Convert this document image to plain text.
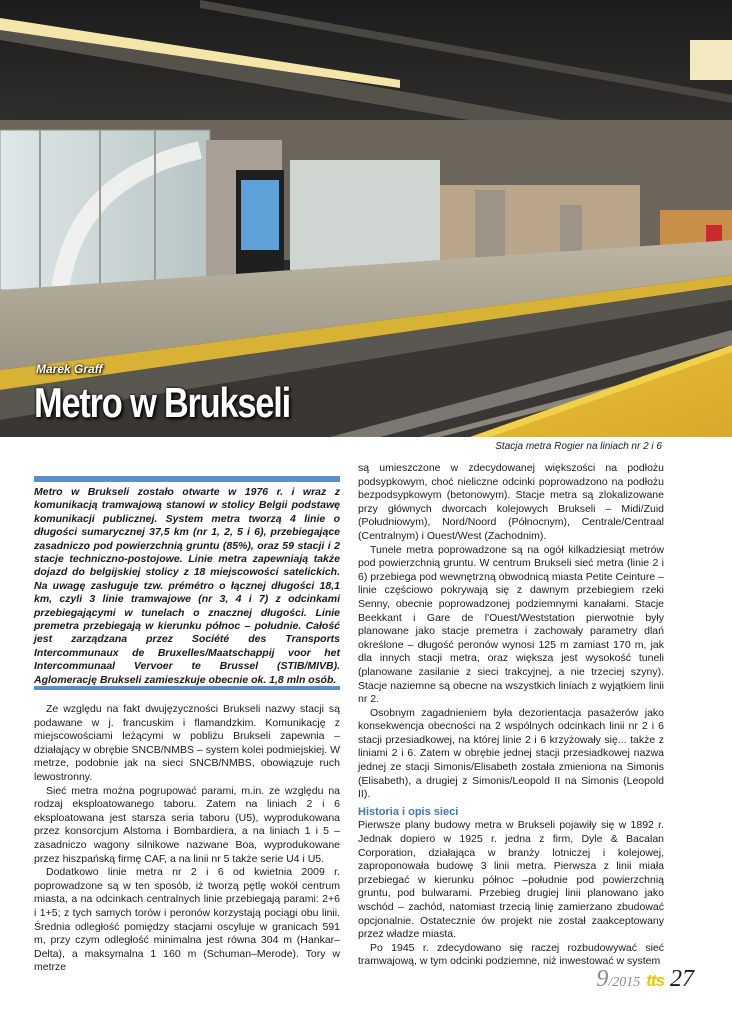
Marek Graff
Metro w Brukseli
Stacja metra Rogier na liniach nr 2 i 6
Metro w Brukseli zostało otwarte w 1976 r. i wraz z komunikacją tramwajową stanowi w stolicy Belgii podstawę komunikacji publicznej. System metra tworzą 4 linie o długości sumarycznej 37,5 km (nr 1, 2, 5 i 6), przebiegające zasadniczo pod powierzchnią gruntu (85%), oraz 59 stacji i 2 stacje techniczno-postojowe. Linie metra zapewniają także dojazd do belgijskiej stolicy z 18 miejscowości satelickich. Na uwagę zasługuje tzw. prémétro o łącznej długości 18,1 km, czyli 3 linie tramwajowe (nr 3, 4 i 7) z odcinkami przebiegającymi w tunelach o znacznej długości. Linie premetra przebiegają w kierunku północ – południe. Całość jest zarządzana przez Société des Transports Intercommunaux de Bruxelles/Maatschappij voor het Intercommunaal Vervoer te Brussel (STIB/MIVB). Aglomerację Brukseli zamieszkuje obecnie ok. 1,8 mln osób.

Ze względu na fakt dwujęzyczności Brukseli nazwy stacji są podawane w j. francuskim i flamandzkim. Komunikację z miejscowościami leżącymi w pobliżu Brukseli zapewnia – działający w obrębie SNCB/NMBS – system kolei podmiejskiej. W metrze, podobnie jak na sieci SNCB/NMBS, obowiązuje ruch lewostronny.

Sieć metra można pogrupować parami, m.in. ze względu na rodzaj eksploatowanego taboru. Zatem na liniach 2 i 6 eksploatowana jest starsza seria taboru (U5), wyprodukowana przez konsorcjum Alstoma i Bombardiera, a na liniach 1 i 5 – zasadniczo wagony silnikowe nazwane Boa, wyprodukowane przez hiszpańską firmę CAF, a na linii nr 5 także serie U4 i U5.

Dodatkowo linie metra nr 2 i 6 od kwietnia 2009 r. poprowadzone są w ten sposób, iż tworzą pętlę wokół centrum miasta, a na odcinkach centralnych linie przebiegają parami: 2+6 i 1+5; z tych samych torów i peronów korzystają pociągi obu linii. Średnia odległość pomiędzy stacjami oscyluje w granicach 591 m, przy czym odległość minimalna jest równa 304 m (Hankar–Delta), a maksymalna 1 160 m (Schuman–Merode). Tory w metrze

są umieszczone w zdecydowanej większości na podłożu podsypkowym, choć nieliczne odcinki poprowadzono na podłożu bezpodsypkowym (betonowym). Stacje metra są zlokalizowane przy głównych dworcach kolejowych Brukseli – Midi/Zuid (Południowym), Nord/Noord (Północnym), Centrale/Centraal (Centralnym) i Ouest/West (Zachodnim).

Tunele metra poprowadzone są na ogół kilkadziesiąt metrów pod powierzchnią gruntu. W centrum Brukseli sieć metra (linie 2 i 6) przebiega pod wewnętrzną obwodnicą miasta Petite Ceinture – linie częściowo pokrywają się z dawnym przebiegiem rzeki Senny, obecnie poprowadzonej podziemnymi kanałami. Stacje Beekkant i Gare de l'Ouest/Weststation pierwotnie były planowane jako stacje premetra i zachowały parametry dlań określone – długość peronów wynosi 125 m zamiast 170 m, jak dla innych stacji metra, oraz większa jest wysokość tuneli (planowane zasilanie z sieci trakcyjnej, a nie trzeciej szyny). Stacje naziemne są obecne na wszystkich liniach z wyjątkiem linii nr 2.

Osobnym zagadnieniem była dezorientacja pasażerów jako konsekwencja obecności na 2 wspólnych odcinkach linii nr 2 i 6 stacji przesiadkowej, na której linie 2 i 6 krzyżowały się... także z liniami 2 i 6. Zatem w obrębie jednej stacji przesiadkowej nazwa jednej ze stacji Simonis/Elisabeth została zmieniona na Simonis (Elisabeth), a drugiej z Simonis/Leopold II na Simonis (Leopold II).

Historia i opis sieci

Pierwsze plany budowy metra w Brukseli pojawiły się w 1892 r. Jednak dopiero w 1925 r. jedna z firm, Dyle & Bacalan Corporation, działająca w branży lotniczej i kolejowej, zaproponowała budowę 3 linii metra. Pierwsza z linii miała przebiegać w kierunku północ –południe pod powierzchnią gruntu, pod bulwarami. Przebieg drugiej linii planowano jako wschód – zachód, natomiast trzecią linię zamierzano zbudować opcjonalnie. Ostatecznie ów projekt nie został zaakceptowany przez władze miasta.

Po 1945 r. zdecydowano się raczej rozbudowywać sieć tramwajową, w tym odcinki podziemne, niż inwestować w system

9/2015 tts 27
